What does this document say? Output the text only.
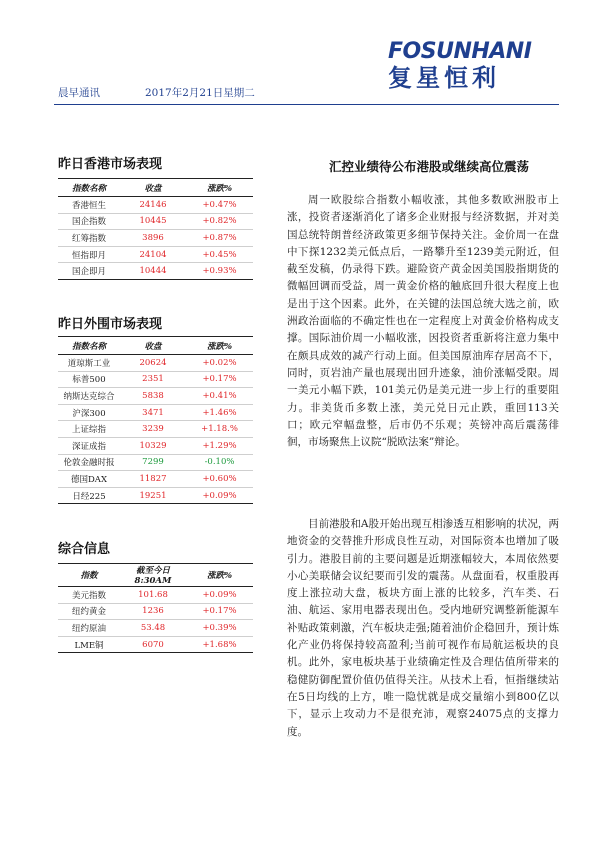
FOSUNHANI
复星恒利
晨早通讯	2017年2月21日星期二
昨日香港市场表现
指数名称	收盘	涨跌%
香港恒生	24146	+0.47%
国企指数	10445	+0.82%
红筹指数	3896	+0.87%
恒指即月	24104	+0.45%
国企即月	10444	+0.93%
昨日外围市场表现
指数名称	收盘	涨跌%
道琼斯工业	20624	+0.02%
标普500	2351	+0.17%
纳斯达克综合	5838	+0.41%
沪深300	3471	+1.46%
上证综指	3239	+1.18.%
深证成指	10329	+1.29%
伦敦金融时报	7299	-0.10%
德国DAX	11827	+0.60%
日经225	19251	+0.09%
综合信息
指数	截至今日8:30AM	涨跌%
美元指数	101.68	+0.09%
纽约黄金	1236	+0.17%
纽约原油	53.48	+0.39%
LME铜	6070	+1.68%
汇控业绩待公布港股或继续高位震荡

周一欧股综合指数小幅收涨，其他多数欧洲股市上涨，投资者逐渐消化了诸多企业财报与经济数据，并对美国总统特朗普经济政策更多细节保持关注。金价周一在盘中下探1232美元低点后，一路攀升至1239美元附近，但截至发稿，仍录得下跌。避险资产黄金因美国股指期货的微幅回调而受益，周一黄金价格的触底回升很大程度上也是出于这个因素。此外，在关键的法国总统大选之前，欧洲政治面临的不确定性也在一定程度上对黄金价格构成支撑。国际油价周一小幅收涨，因投资者重新将注意力集中在颇具成效的减产行动上面。但美国原油库存居高不下，同时，页岩油产量也展现出回升迹象，油价涨幅受限。周一美元小幅下跌，101美元仍是美元进一步上行的重要阻力。非美货币多数上涨，美元兑日元止跌，重回113关口；欧元窄幅盘整，后市仍不乐观；英镑冲高后震荡徘徊，市场聚焦上议院“脱欧法案”辩论。

目前港股和A股开始出现互相渗透互相影响的状况，两地资金的交替推升形成良性互动，对国际资本也增加了吸引力。港股目前的主要问题是近期涨幅较大，本周依然要小心美联储会议纪要而引发的震荡。从盘面看，权重股再度上涨拉动大盘，板块方面上涨的比较多，汽车类、石油、航运、家用电器表现出色。受内地研究调整新能源车补贴政策刺激，汽车板块走强;随着油价企稳回升，预计炼化产业仍将保持较高盈利;当前可视作布局航运板块的良机。此外，家电板块基于业绩确定性及合理估值所带来的稳健防御配置价值仍值得关注。从技术上看，恒指继续站在5日均线的上方，唯一隐忧就是成交量缩小到800亿以下，显示上攻动力不是很充沛，观察24075点的支撑力度。
